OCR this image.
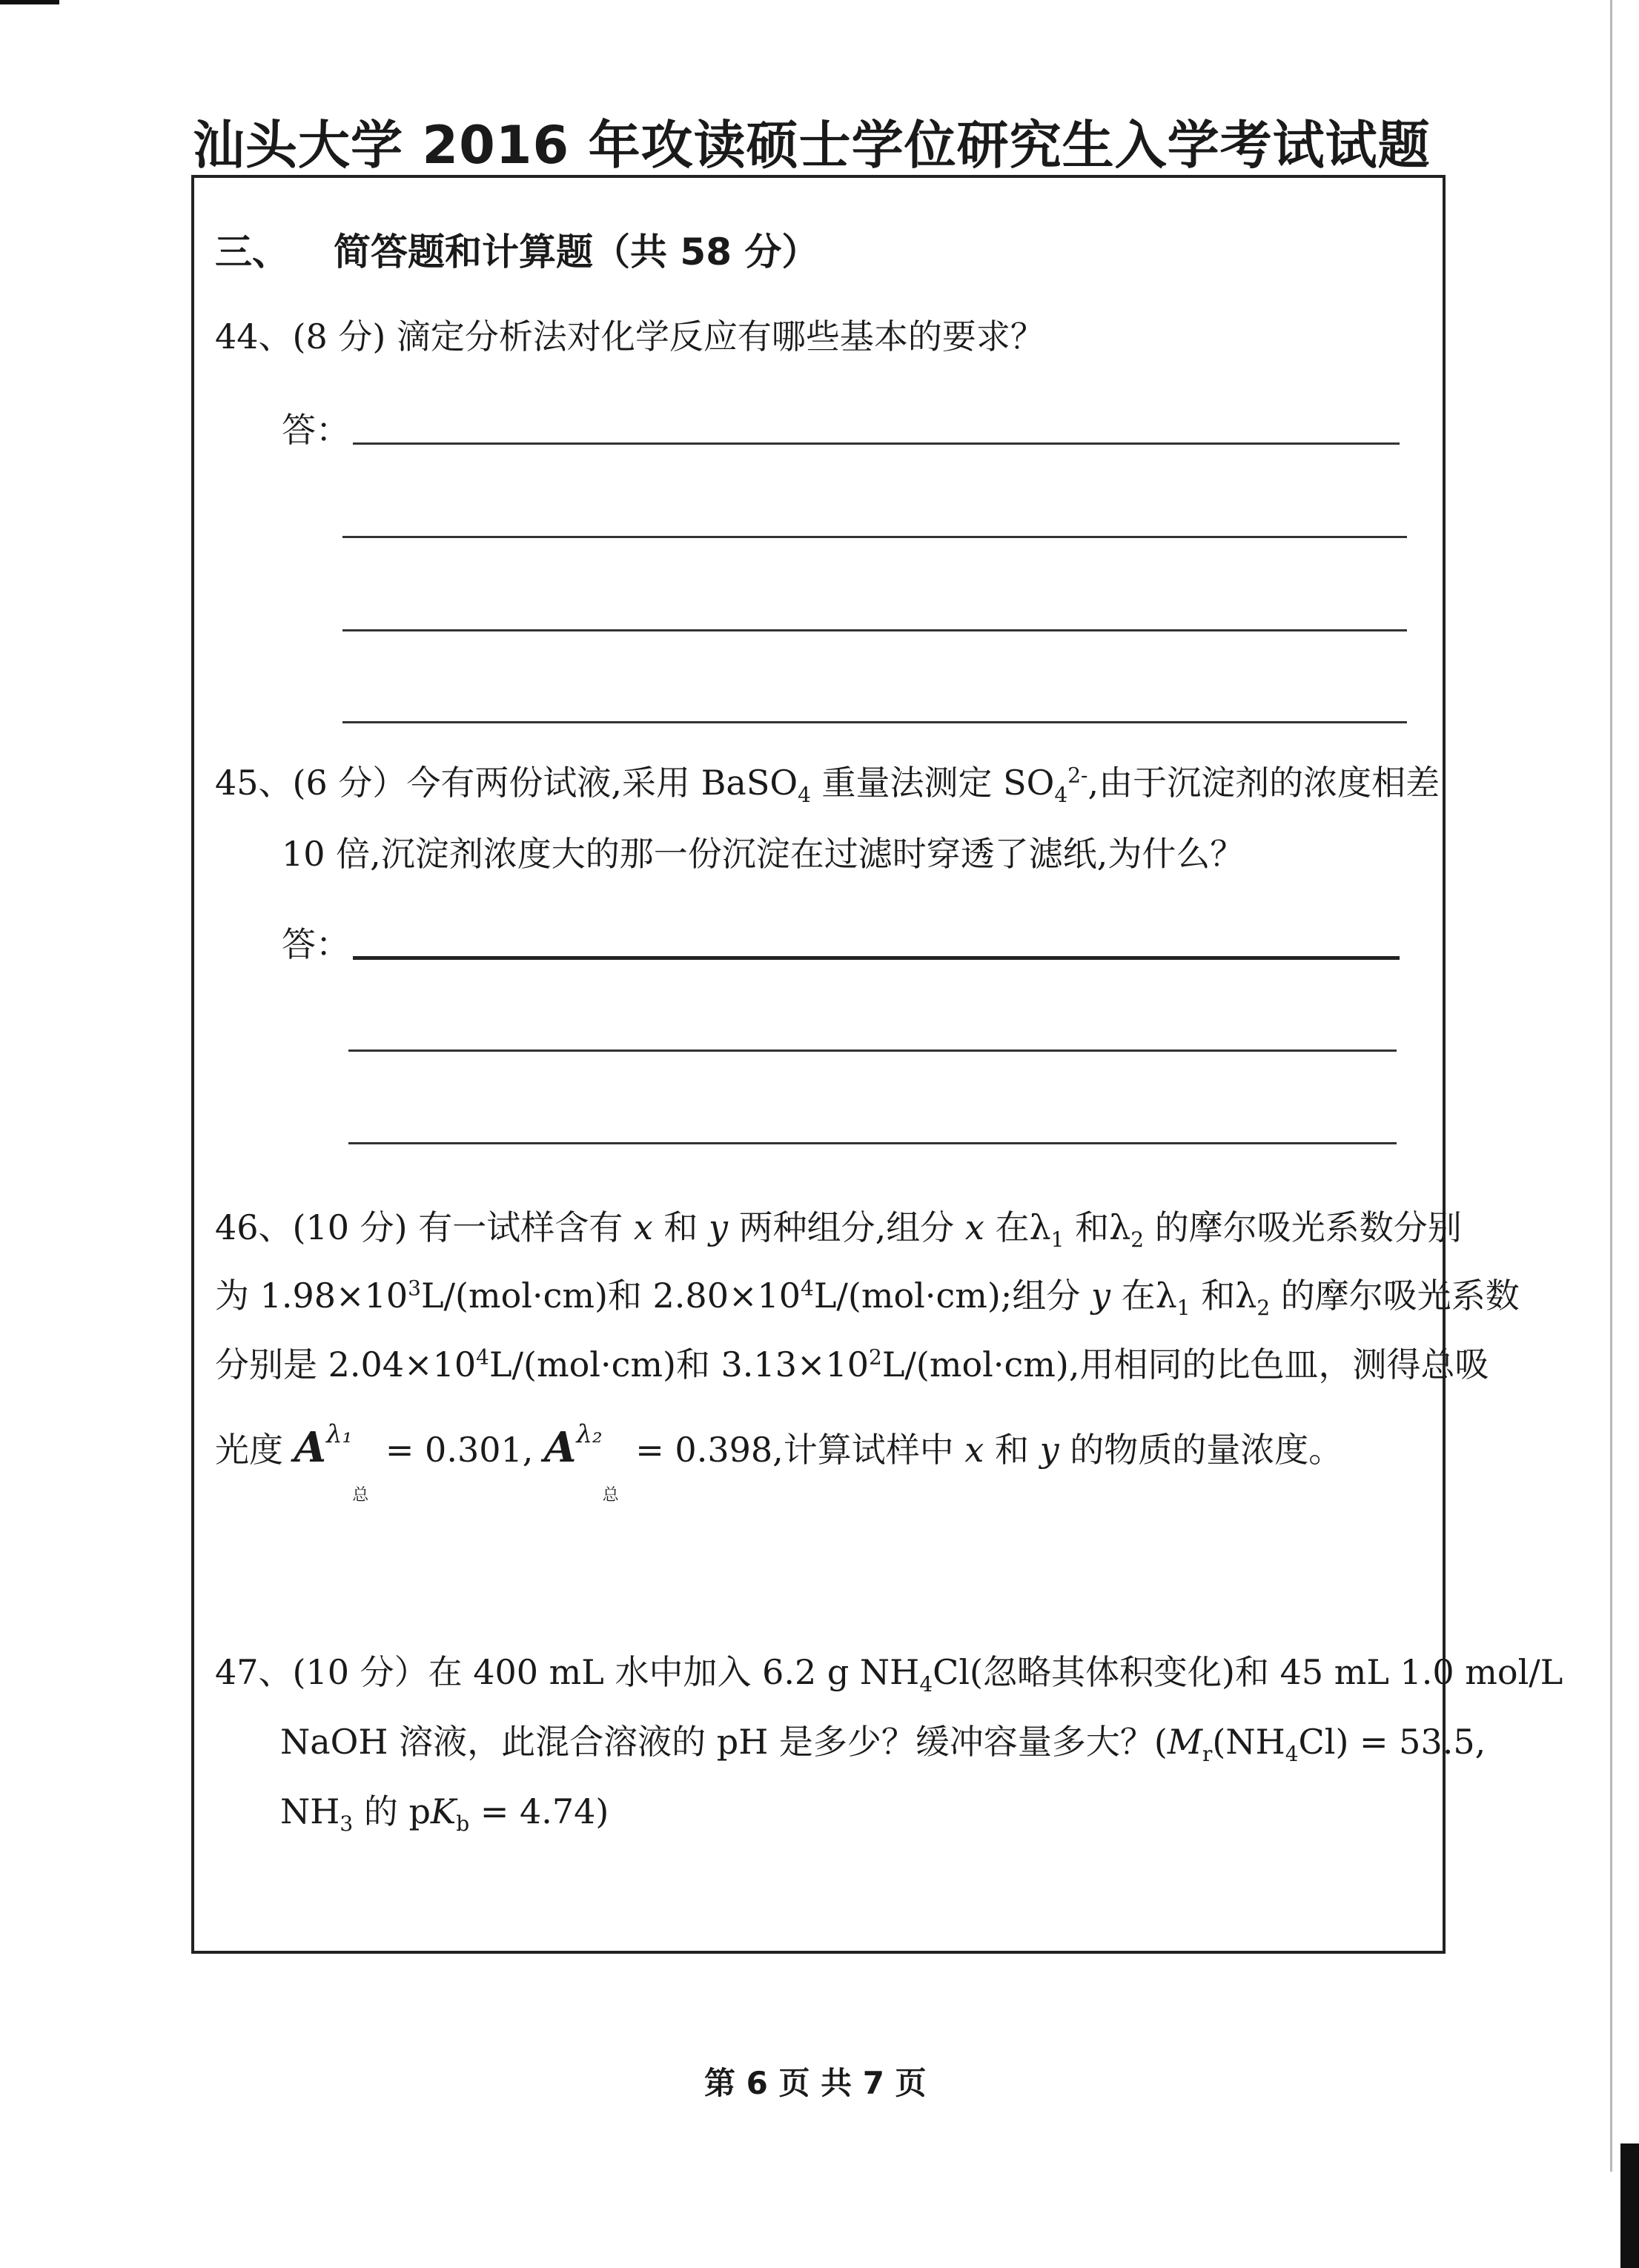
汕头大学 2016 年攻读硕士学位研究生入学考试试题
三、 简答题和计算题（共 58 分）
44、(8 分) 滴定分析法对化学反应有哪些基本的要求？
答：
45、(6 分）今有两份试液,采用 BaSO$_4$ 重量法测定 $SO_4^{2-}$,由于沉淀剂的浓度相差
10 倍,沉淀剂浓度大的那一份沉淀在过滤时穿透了滤纸,为什么？
答：
46、(10 分) 有一试样含有 x 和 y 两种组分,组分 x 在$\lambda_1$ 和$\lambda_2$ 的摩尔吸光系数分别
为 $1.98\times 10^3L/(mol\cdot cm)$和 $2.80\times 10^4L/(mol\cdot cm)$;组分 y 在$\lambda_1$ 和$\lambda_2$ 的摩尔吸光系数
分别是 $2.04\times 10^4L/(mol\cdot cm)$和 $3.13\times 10^2L/(mol\cdot cm)$,用相同的比色皿，测得总吸
光度 $A^{\lambda_1}$
总
= 0.301, $A^{\lambda_2}$
总
= 0.398,计算试样中 x 和 y 的物质的量浓度。
47、(10 分）在 400 mL 水中加入 6.2 g $NH_4Cl$(忽略其体积变化)和 45 mL 1.0 mol/L
NaOH 溶液，此混合溶液的 pH 是多少？缓冲容量多大？($M_r(NH_4Cl) = 53.5$,
$NH_3$ 的 $pK_b = 4.74$)
第 6 页 共 7 页
